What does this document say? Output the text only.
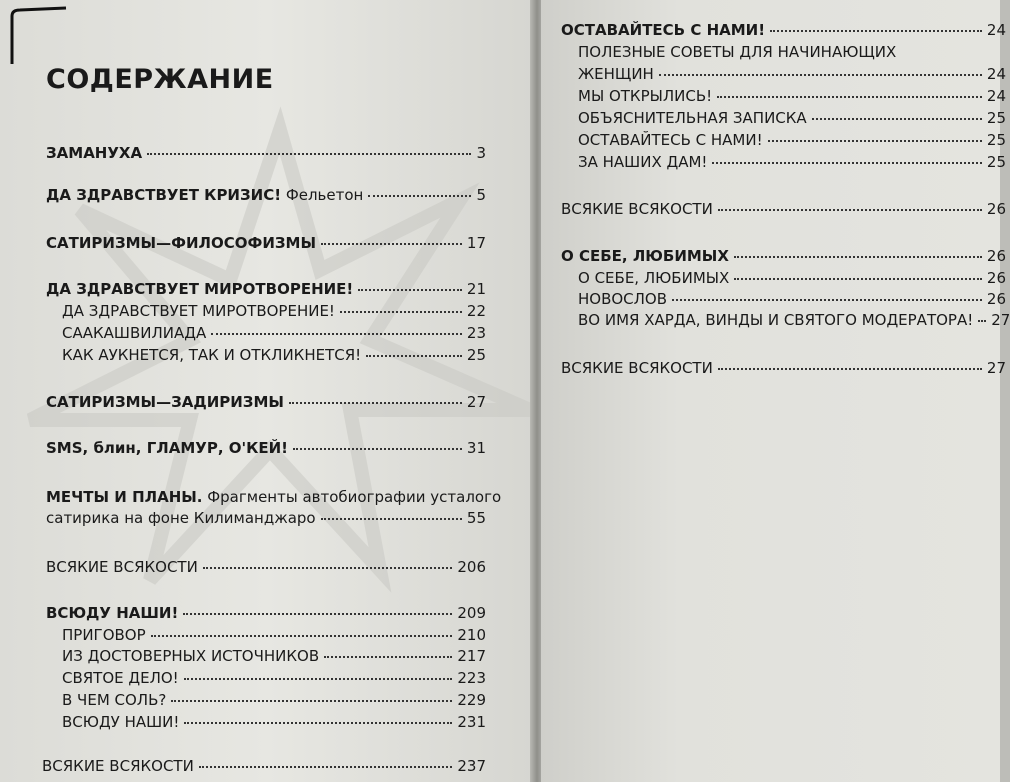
СОДЕРЖАНИЕ
ЗАМАНУХА	3
ДА ЗДРАВСТВУЕТ КРИЗИС! Фельетон	5
САТИРИЗМЫ—ФИЛОСОФИЗМЫ	17
ДА ЗДРАВСТВУЕТ МИРОТВОРЕНИЕ!	21
ДА ЗДРАВСТВУЕТ МИРОТВОРЕНИЕ!	22
СААКАШВИЛИАДА	23
КАК АУКНЕТСЯ, ТАК И ОТКЛИКНЕТСЯ!	25
САТИРИЗМЫ—ЗАДИРИЗМЫ	27
SMS, блин, ГЛАМУР, О'КЕЙ!	31
МЕЧТЫ И ПЛАНЫ. Фрагменты автобиографии усталого
сатирика на фоне Килиманджаро	55
ВСЯКИЕ ВСЯКОСТИ	206
ВСЮДУ НАШИ!	209
ПРИГОВОР	210
ИЗ ДОСТОВЕРНЫХ ИСТОЧНИКОВ	217
СВЯТОЕ ДЕЛО!	223
В ЧЕМ СОЛЬ?	229
ВСЮДУ НАШИ!	231
ВСЯКИЕ ВСЯКОСТИ	237
ОСТАВАЙТЕСЬ С НАМИ!	24
ПОЛЕЗНЫЕ СОВЕТЫ ДЛЯ НАЧИНАЮЩИХ
ЖЕНЩИН	24
МЫ ОТКРЫЛИСЬ!	24
ОБЪЯСНИТЕЛЬНАЯ ЗАПИСКА	25
ОСТАВАЙТЕСЬ С НАМИ!	25
ЗА НАШИХ ДАМ!	25
ВСЯКИЕ ВСЯКОСТИ	26
О СЕБЕ, ЛЮБИМЫХ	26
О СЕБЕ, ЛЮБИМЫХ	26
НОВОСЛОВ	26
ВО ИМЯ ХАРДА, ВИНДЫ И СВЯТОГО МОДЕРАТОРА! 27
ВСЯКИЕ ВСЯКОСТИ	27
